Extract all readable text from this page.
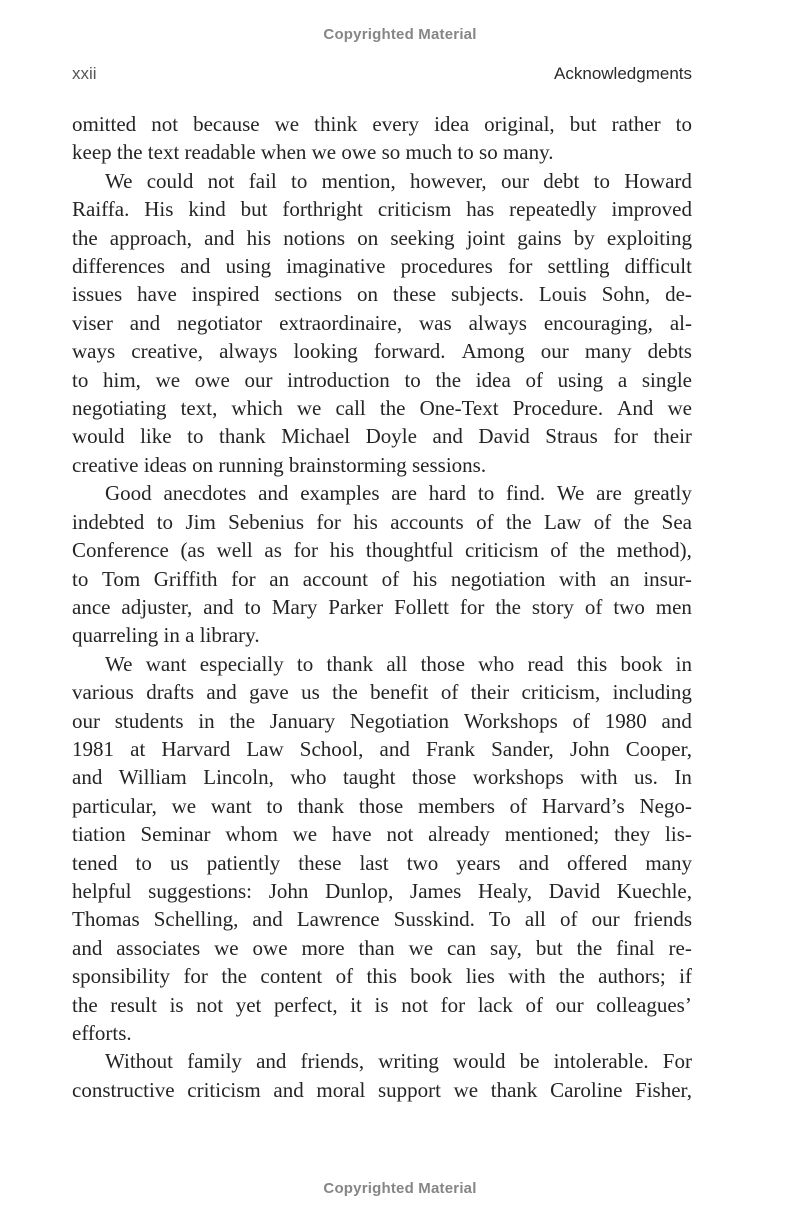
Copyrighted Material
xxii	Acknowledgments
omitted not because we think every idea original, but rather to
keep the text readable when we owe so much to so many.
We could not fail to mention, however, our debt to Howard
Raiffa. His kind but forthright criticism has repeatedly improved
the approach, and his notions on seeking joint gains by exploiting
differences and using imaginative procedures for settling difficult
issues have inspired sections on these subjects. Louis Sohn, de-
viser and negotiator extraordinaire, was always encouraging, al-
ways creative, always looking forward. Among our many debts
to him, we owe our introduction to the idea of using a single
negotiating text, which we call the One-Text Procedure. And we
would like to thank Michael Doyle and David Straus for their
creative ideas on running brainstorming sessions.
Good anecdotes and examples are hard to find. We are greatly
indebted to Jim Sebenius for his accounts of the Law of the Sea
Conference (as well as for his thoughtful criticism of the method),
to Tom Griffith for an account of his negotiation with an insur-
ance adjuster, and to Mary Parker Follett for the story of two men
quarreling in a library.
We want especially to thank all those who read this book in
various drafts and gave us the benefit of their criticism, including
our students in the January Negotiation Workshops of 1980 and
1981 at Harvard Law School, and Frank Sander, John Cooper,
and William Lincoln, who taught those workshops with us. In
particular, we want to thank those members of Harvard’s Nego-
tiation Seminar whom we have not already mentioned; they lis-
tened to us patiently these last two years and offered many
helpful suggestions: John Dunlop, James Healy, David Kuechle,
Thomas Schelling, and Lawrence Susskind. To all of our friends
and associates we owe more than we can say, but the final re-
sponsibility for the content of this book lies with the authors; if
the result is not yet perfect, it is not for lack of our colleagues’
efforts.
Without family and friends, writing would be intolerable. For
constructive criticism and moral support we thank Caroline Fisher,
Copyrighted Material
